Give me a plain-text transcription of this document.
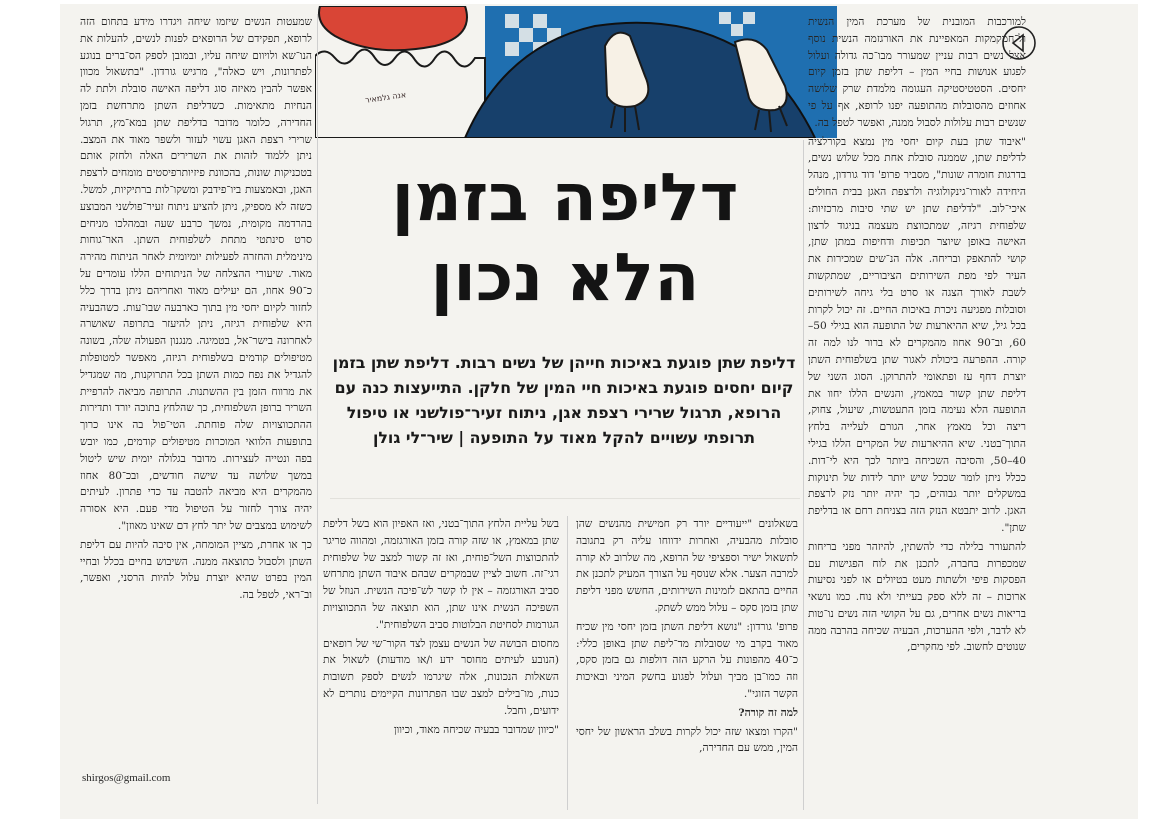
אנה גלמאיר
דליפה בזמן
הלא נכון
דליפת שתן פוגעת באיכות חייהן של נשים רבות. דליפת שתן בזמן קיום יחסים פוגעת באיכות חיי המין של חלקן. התייעצות כנה עם הרופא, תרגול שרירי רצפת אגן, ניתוח זעיר־פולשני או טיפול תרופתי עשויים להקל מאוד על התופעה | שיר־לי גולן

למורכבות המובנית של מערכת המין הנשית ול־חמקמקות המאפיינת את האורגזמה הנשית נוסף אצל נשים רבות עניין שמעורר מבו־כה גדולה ועלול לפגוע אנושות בחיי המין – דליפת שתן בזמן קיום יחסים. הסטטיסטיקה העגומה מלמדת שרק שלושה אחוזים מהסובלות מהתופעה יפנו לרופא, אף על פי שנשים רבות עלולות לסבול ממנה, ואפשר לטפל בה.

"איבוד שתן בעת קיום יחסי מין נמצא בקורלציה לדליפת שתן, שממנה סובלת אחת מכל שלוש נשים, בדרגות חומרה שונות", מסביר פרופ' דוד גורדון, מנהל היחידה לאורו־גינקולוגיה ולרצפת האגן בבית החולים איכי־לוב. "לדליפת שתן יש שתי סיבות מרכזיות: שלפוחית רגיזה, שמתכווצת מעצמה בניגוד לרצון האישה באופן שיוצר תכיפות ודחיפות במתן שתן, קושי להתאפק ובריחה. אלה הנ־שים שמכירות את העיר לפי מפת השירותים הציבוריים, שמתקשות לשבת לאורך הצגה או סרט בלי גיחה לשירותים וסובלות מפגיעה ניכרת באיכות החיים. זה יכול לקרות בכל גיל, שיא ההיארעות של התופעה הוא בגילי 50–60, וב־90 אחוז מהמקרים לא ברור לנו למה זה קורה. ההפרעה ביכולת לאגור שתן בשלפוחית השתן יוצרת דחף עז ופתאומי להתרוקן. הסוג השני של דליפת שתן קשור במאמץ, והנשים הללו יחוו את התופעה הלא נעימה בזמן התעטשות, שיעול, צחוק, ריצה וכל מאמץ אחר, הגורם לעלייה בלחץ התוך־בטני. שיא ההיארעות של המקרים הללו בגילי 40–50, והסיבה השכיחה ביותר לכך היא לי־דות. ככלל ניתן לומר שככל שיש יותר לידות של תינוקות במשקלים יותר גבוהים, כך יהיה יותר נזק לרצפת האגן. לרוב יתבטא הנזק הזה בצניחת רחם או בדליפת שתן".

להתעורר בלילה כדי להשתין, להיזהר מפני בריחות שמכפרות בחברה, לתכנן את לוח הפגישות עם הפסקות פיפי ולשתות מעט בטיולים או לפני נסיעות ארוכות – זה ללא ספק בעייתי ולא נוח. כמו נושאי בריאות נשים אחרים, גם על הקושי הזה נשים נו־טות לא לדבר, ולפי ההערכות, הבעיה שכיחה בהרבה ממה שנוטים לחשוב. לפי מחקרים,

בשאלונים "ייעודיים יורד רק חמישית מהנשים שהן סובלות מהבעיה, ואחרות ידווחו עליה רק בתגובה לתשאול ישיר וספציפי של הרופא, מה שלרוב לא קורה למרבה הצער. אלא שנוסף על הצורך המעיק לתכנן את החיים בהתאם לזמינות השירותים, החשש מפני דליפת שתן בזמן סקס – עלול ממש לשתק.

פרופ' גורדון: "נושא דליפת השתן בזמן יחסי מין שכיח מאוד בקרב מי שסובלות מד־ליפת שתן באופן כללי: כ־40 מהפונות על הרקע הזה דולפות גם בזמן סקס, וזה כמו־בן מביך ועלול לפגוע בחשק המיני ובאיכות הקשר הזוגי".

למה זה קורה?

"הקרו ומצאו שזה יכול לקרות בשלב הראשון של יחסי המין, ממש עם החדירה,

בשל עליית הלחץ התוך־בטני, ואז האפיון הוא בשל דליפת שתן במאמץ, או שזה קורה בזמן האורגזמה, ומהווה טריגר להתכווצות השל־פוחית, ואז זה קשור למצב של שלפוחית רגי־זה. חשוב לציין שבמקרים שבהם איבוד השתן מתרחש סביב האורגזמה – אין לו קשר לש־פיכה הנשית. הנוזל של השפיכה הנשית אינו שתן, הוא תוצאה של התכווצויות הגורמות לסחיטת הבלוטות סביב השלפוחית".

מחסום הבושה של הנשים עצמן לצד הקור־שי של רופאים (הנובע לעיתים מחוסר ידע ו/או מודעות) לשאול את השאלות הנכונות, אלה שיגרמו לנשים לספק תשובות כנות, מו־בילים למצב שבו הפתרונות הקיימים נותרים לא ידועים, וחבל.

"כיוון שמדובר בבעיה שכיחה מאוד, וכיוון

שמעטות הנשים שיזמו שיחה ויגדרו מידע בתחום הזה לרופא, תפקידם של הרופאים לפנות לנשים, להעלות את הנו־שא ולויוום שיחה עליו, ובמובן לספק הס־ברים בנוגע לפתרונות, ויש כאלה", מרגיש גורדון. "בתשאול מכוון אפשר להבין מאיזה סוג דליפה האישה סובלת ולתת לה הנחיות מתאימות. כשדליפת השתן מתרחשת בזמן החדירה, כלומר מדובר בדליפת שתן במא־מץ, תרגול שרירי רצפת האגן עשוי לעזור ולשפר מאוד את המצב. ניתן ללמוד לזהות את השרירים האלה ולחזק אותם בטכניקות שונות, בהכוונת פיזיותרפיסטים מומחים לרצפת האגן, ובאמצעות ביו־פידבק ומשקו־לות ברתיקיות, למשל. כשזה לא מספיק, ניתן להציע ניתוח זעיר־פולשני המבוצע בהרדמה מקומית, נמשך כרבע שעה ובמהלכו מניחים סרט סינתטי מתחת לשלפוחית השתן. האר־גוחות מינימלית והחזרה לפעילות יומיומית לאחר הניתוח מהירה מאוד. שיעורי ההצלחה של הניתוחים הללו עומדים על כ־90 אחוז, הם יעילים מאוד ואחריהם ניתן בדרך כלל לחזור לקיום יחסי מין בתוך כארבעה שבו־עות. כשהבעיה היא שלפוחית רגיזה, ניתן להיעזר בתרופה שאושרה לאחרונה בישר־אל, בטמיגה. מנגנון הפעולה שלה, בשונה מטיפולים קודמים בשלפוחית רגיזה, מאפשר למטופלות להגדיל את נפח כמות השתן בכל התרוקנות, מה שמגדיל את מרווח הזמן בין ההשתנות. התרופה מביאה להרפיית השריר ברופן השלפוחית, כך שהלחץ בתוכה יורד ותדירות ההתכווצויות שלה פוחתת. הטי־פול בה אינו כרוך בתופעות הלוואי המוכרות מטיפולים קודמים, כמו יובש בפה ונטייה לעצירות. מדובר בגלולה יומית שיש ליטול במשך שלושה עד שישה חודשים, ובכ־80 אחוז מהמקרים היא מביאה להטבה עד כדי פתרון. לעיתים יהיה צורך לחזור על הטיפול מדי פעם. היא אסורה לשימוש במצבים של יתר לחץ דם שאינו מאוזן".

כך או אחרת, מציין המומחה, אין סיבה להיות עם דליפת השתן ולסבול כתוצאה ממנה. השיבוש בחיים בכלל ובחיי המין בפרט שהיא יוצרת עלול להיות הרסני, ואפשר, וב־ראי, לטפל בה.

shirgos@gmail.com
